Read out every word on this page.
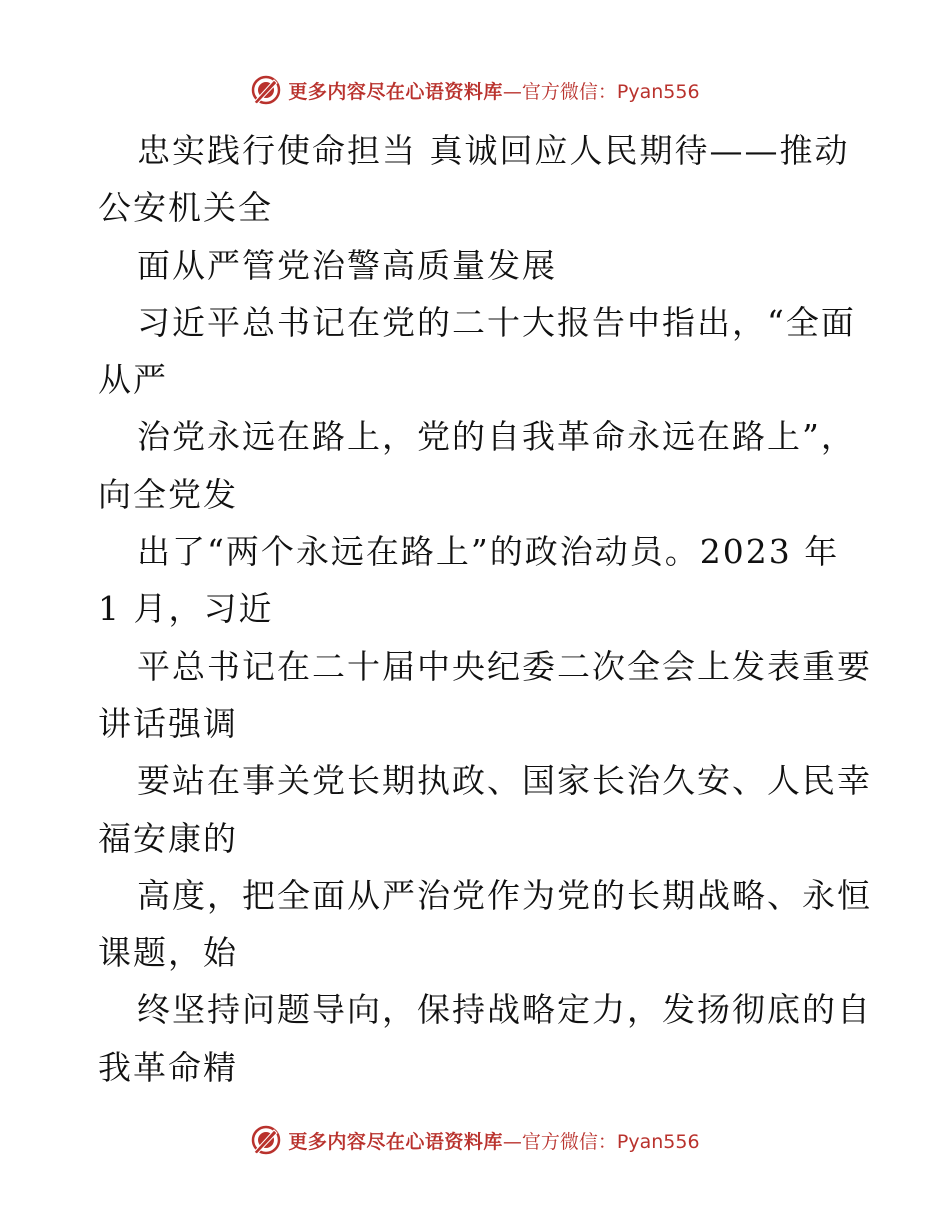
更多内容尽在心语资料库 —官方微信：Pyan556
忠实践行使命担当 真诚回应人民期待——推动
公安机关全
面从严管党治警高质量发展
习近平总书记在党的二十大报告中指出，“全面
从严
治党永远在路上，党的自我革命永远在路上”，
向全党发
出了“两个永远在路上”的政治动员。2023 年
1 月，习近
平总书记在二十届中央纪委二次全会上发表重要
讲话强调
要站在事关党长期执政、国家长治久安、人民幸
福安康的
高度，把全面从严治党作为党的长期战略、永恒
课题，始
终坚持问题导向，保持战略定力，发扬彻底的自
我革命精
更多内容尽在心语资料库 —官方微信：Pyan556
